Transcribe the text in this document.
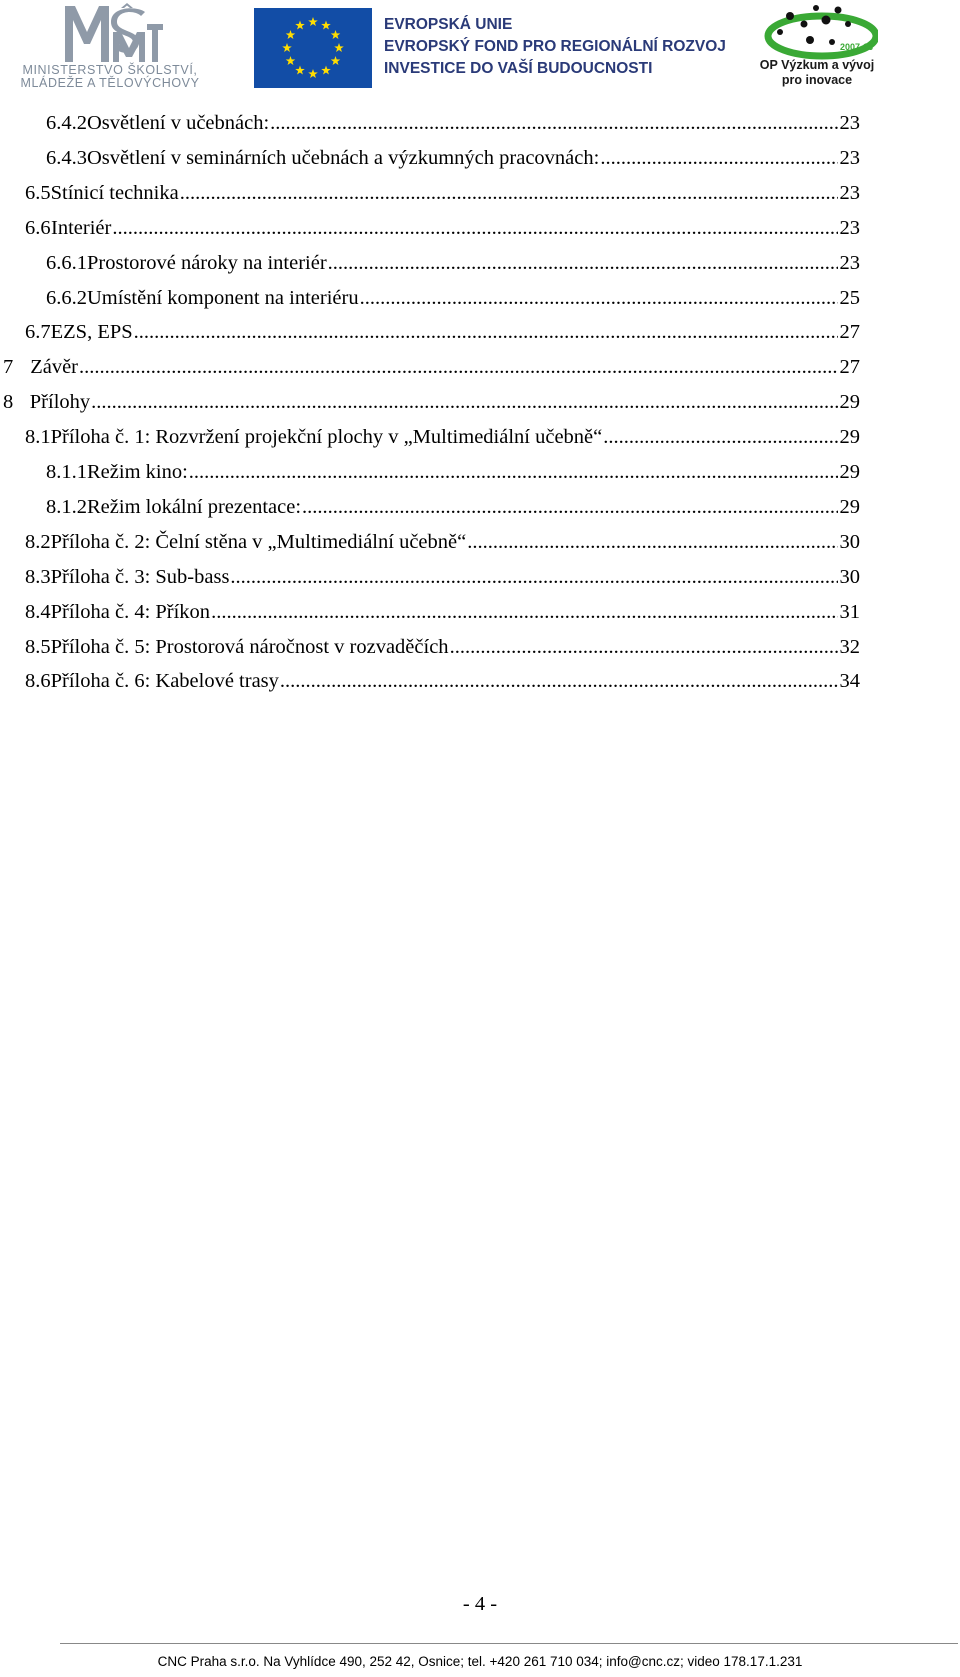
MINISTERSTVO ŠKOLSTVÍ,
MLÁDEŽE A TĚLOVÝCHOVY
EVROPSKÁ UNIE
EVROPSKÝ FOND PRO REGIONÁLNÍ ROZVOJ
INVESTICE DO VAŠÍ BUDOUCNOSTI
2007-13
OP Výzkum a vývoj
pro inovace
6.4.2 Osvětlení v učebnách: .....	23
6.4.3 Osvětlení v seminárních učebnách a výzkumných pracovnách: .....	23
6.5 Stínicí technika .....	23
6.6 Interiér .....	23
6.6.1 Prostorové nároky na interiér .....	23
6.6.2 Umístění komponent na interiéru .....	25
6.7 EZS, EPS .....	27
7 Závěr .....	27
8 Přílohy .....	29
8.1 Příloha č. 1: Rozvržení projekční plochy v „Multimediální učebně“ .....	29
8.1.1 Režim kino: .....	29
8.1.2 Režim lokální prezentace: .....	29
8.2 Příloha č. 2: Čelní stěna v „Multimediální učebně“ .....	30
8.3 Příloha č. 3: Sub-bass .....	30
8.4 Příloha č. 4: Příkon .....	31
8.5 Příloha č. 5: Prostorová náročnost v rozvaděčích .....	32
8.6 Příloha č. 6: Kabelové trasy .....	34
- 4 -
CNC Praha s.r.o. Na Vyhlídce 490, 252 42, Osnice; tel. +420 261 710 034; info@cnc.cz; video 178.17.1.231
